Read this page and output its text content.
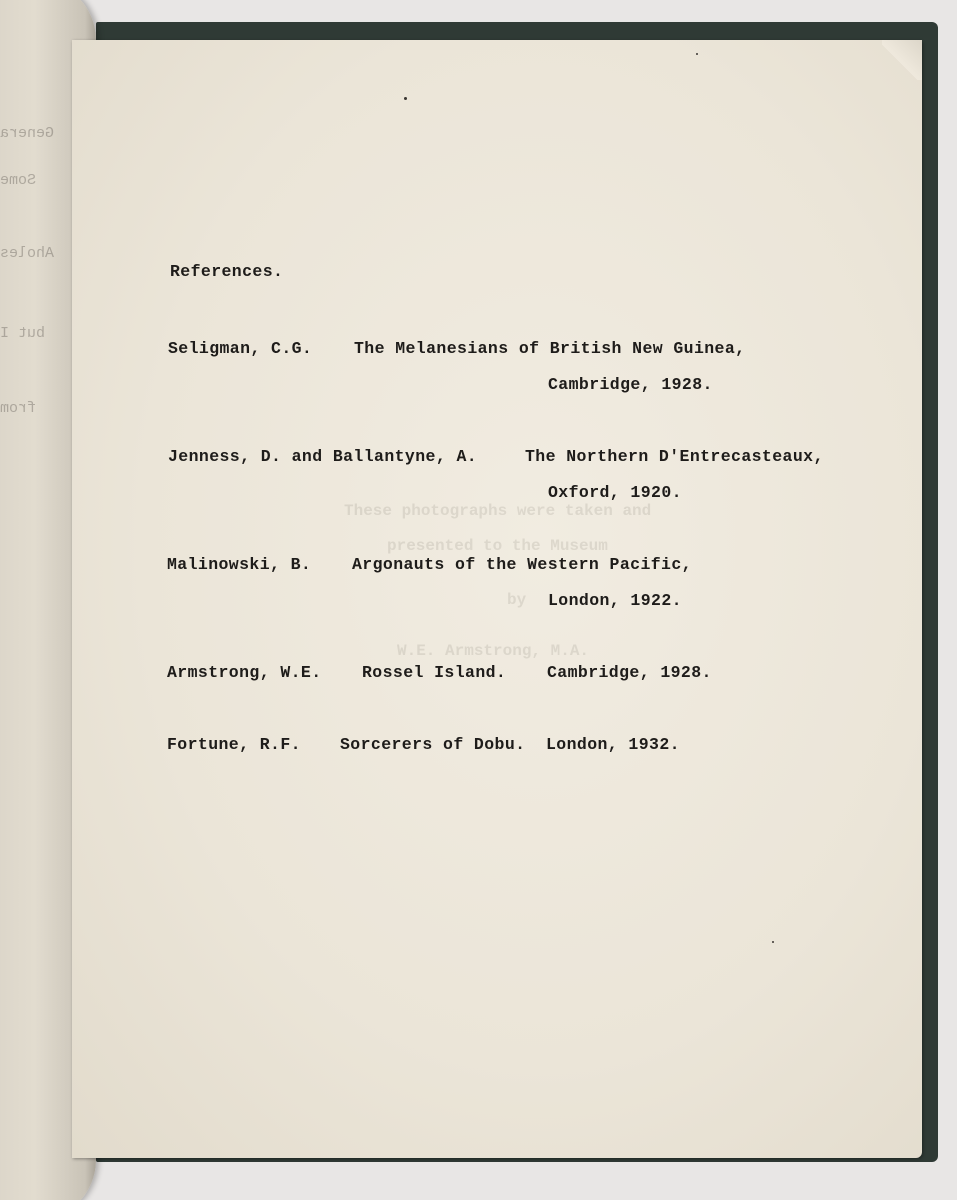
Genera
Some
Aholes
but I
from
These photographs were taken and
presented to the Museum
by
W.E. Armstrong, M.A.
References.
Seligman, C.G.	The Melanesians of British New Guinea,
Cambridge, 1928.
Jenness, D. and Ballantyne, A.	The Northern D'Entrecasteaux,
Oxford, 1920.
Malinowski, B. Argonauts of the Western Pacific,
London, 1922.
Armstrong, W.E. Rossel Island. Cambridge, 1928.
Fortune, R.F. Sorcerers of Dobu. London, 1932.
